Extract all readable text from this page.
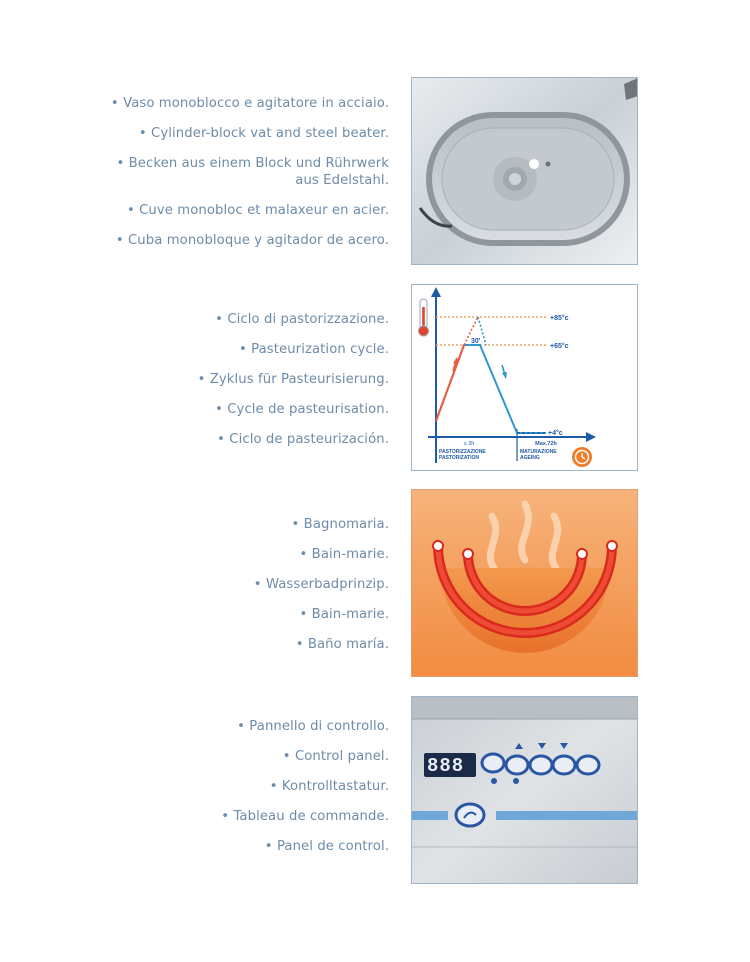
• Vaso monoblocco e agitatore in acciaio.
• Cylinder-block vat and steel beater.
• Becken aus einem Block und Rührwerk aus Edelstahl.
• Cuve monobloc et malaxeur en acier.
• Cuba monobloque y agitador de acero.
• Ciclo di pastorizzazione.
• Pasteurization cycle.
• Zyklus für Pasteurisierung.
• Cycle de pasteurisation.
• Ciclo de pasteurización.
+85°c
+65°c
+4°c
30'
≤ 2h	Max.72h
PASTORIZZAZIONE
PASTORIZATION
MATURAZIONE
AGEING
• Bagnomaria.
• Bain-marie.
• Wasserbadprinzip.
• Bain-marie.
• Baño maría.
• Pannello di controllo.
• Control panel.
• Kontrolltastatur.
• Tableau de commande.
• Panel de control.
888
